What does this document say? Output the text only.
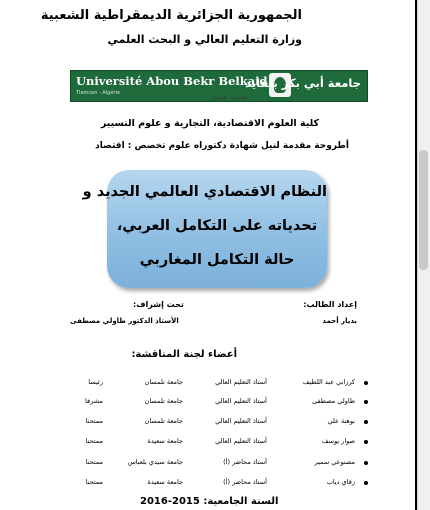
الجمهورية الجزائرية الديمقراطية الشعبية
وزارة التعليم العالي و البحث العلمي
Université Abou Bekr Belkaid
Tlemcen - Algérie
جامعة أبي بكر بلقايد
تلمسان - الجزائر
كلية العلوم الاقتصادية، التجارية و علوم التسيير
أطروحة مقدمة لنيل شهادة دكتوراه علوم تخصص : اقتصاد
النظام الاقتصادي العالمي الجديد و
تحدياته على التكامل العربي،
حالة التكامل المغاربي
إعداد الطالب:
تحت إشراف:
بديار أحمد
الأستاذ الدكتور طاولي مصطفى
أعضاء لجنة المناقشة:
كرزابي عبد اللطيف
أستاذ التعليم العالي
جامعة تلمسان
رئيسا
طاولي مصطفى
أستاذ التعليم العالي
جامعة تلمسان
مشرفا
بوهنة علي
أستاذ التعليم العالي
جامعة تلمسان
ممتحنا
صوار يوسف
أستاذ التعليم العالي
جامعة سعيدة
ممتحنا
مصنوعي سمير
أستاذ محاضر (أ)
جامعة سيدي بلعباس
ممتحنا
زقاي دياب
أستاذ محاضر (أ)
جامعة سعيدة
ممتحنا
السنة الجامعية: 2015-2016
